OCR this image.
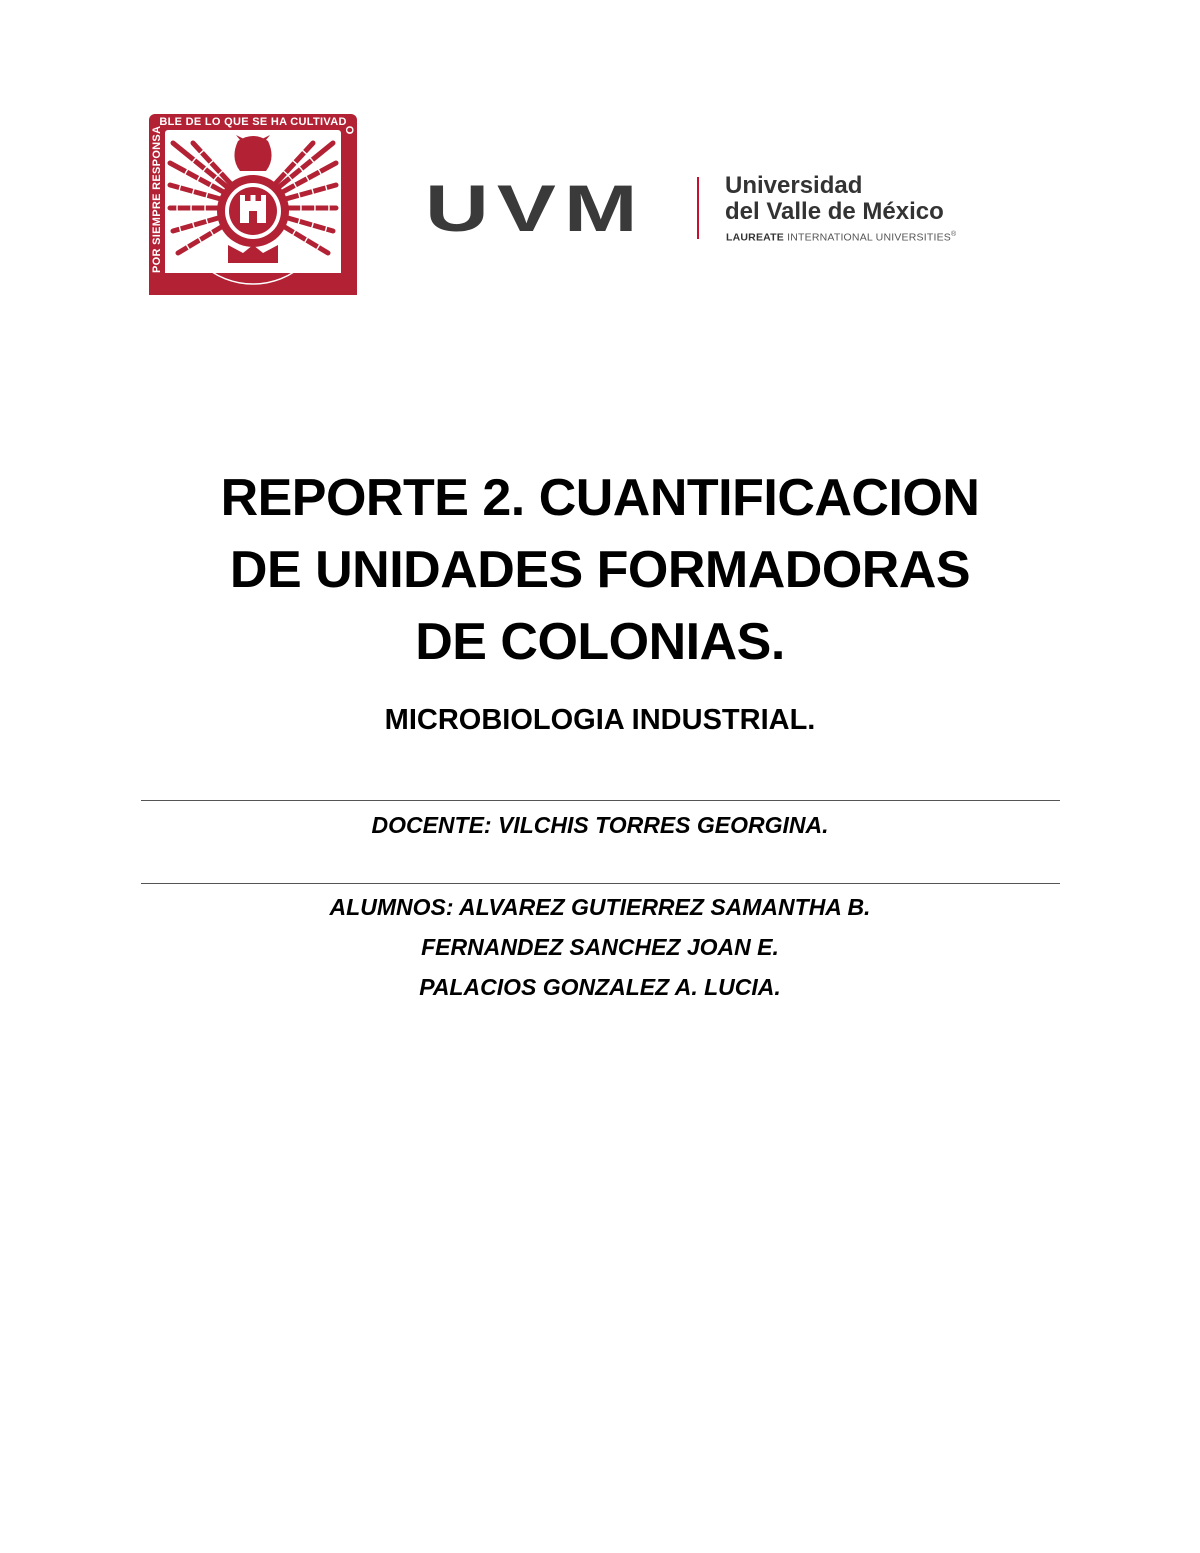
POR SIEMPRE RESPONSABLE DE LO QUE SE HA CULTIVADO
UVM	Universidad
del Valle de México
LAUREATE INTERNATIONAL UNIVERSITIES®
REPORTE 2. CUANTIFICACION
DE UNIDADES FORMADORAS
DE COLONIAS.

MICROBIOLOGIA INDUSTRIAL.

DOCENTE: VILCHIS TORRES GEORGINA.

ALUMNOS: ALVAREZ GUTIERREZ SAMANTHA B.

FERNANDEZ SANCHEZ JOAN E.

PALACIOS GONZALEZ A. LUCIA.
